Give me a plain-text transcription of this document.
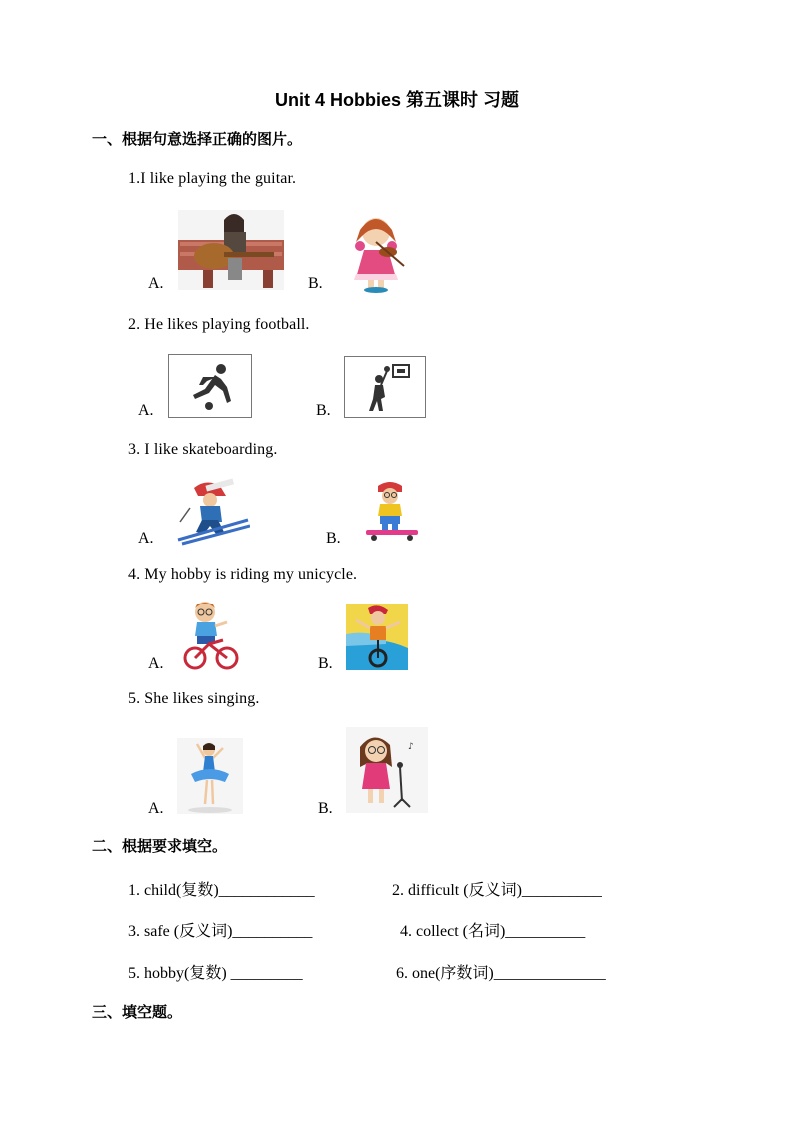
Unit 4 Hobbies 第五课时 习题
一、根据句意选择正确的图片。
1.I like playing the guitar.
A.	B.
2. He likes playing football.
A.	B.
3. I like skateboarding.
A.	B.
4. My hobby is riding my unicycle.
A.	B.
5. She likes singing.
A.	B.
♪
二、根据要求填空。
1. child(复数)____________	2. difficult (反义词)__________
3. safe (反义词)__________	4. collect (名词)__________
5. hobby(复数) _________	6. one(序数词)______________
三、填空题。
